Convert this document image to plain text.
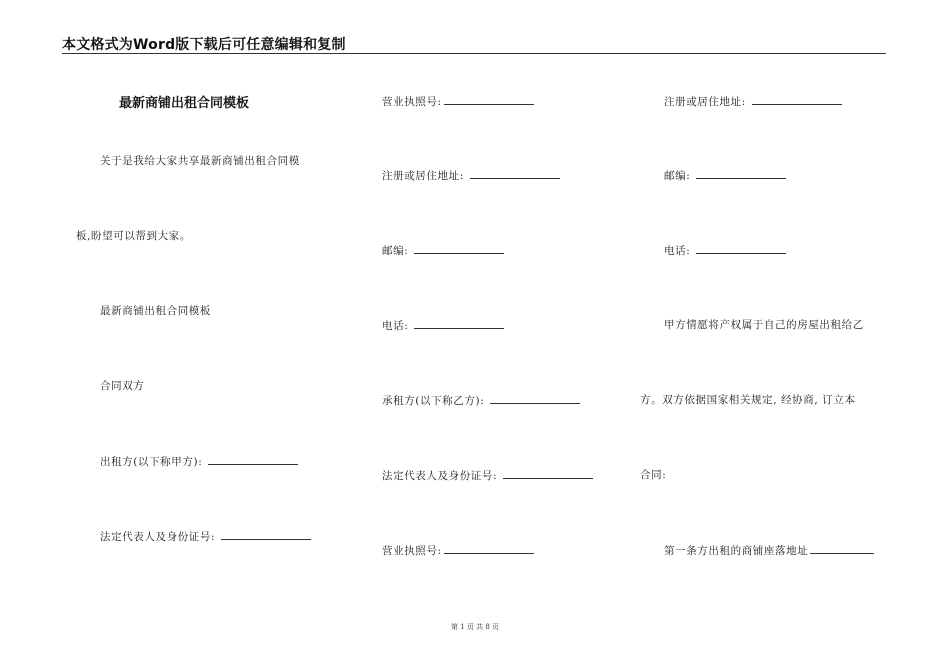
本文格式为Word版下载后可任意编辑和复制
最新商铺出租合同模板
关于是我给大家共享最新商铺出租合同模
板,盼望可以帮到大家。
最新商铺出租合同模板
合同双方
出租方(以下称甲方):
法定代表人及身份证号:
营业执照号:
注册或居住地址:
邮编:
电话:
承租方(以下称乙方):
法定代表人及身份证号:
营业执照号:
注册或居住地址:
邮编:
电话:
甲方情愿将产权属于自己的房屋出租给乙
方。双方依据国家相关规定, 经协商, 订立本
合同:
第一条方出租的商铺座落地址
第 1 页 共 8 页
